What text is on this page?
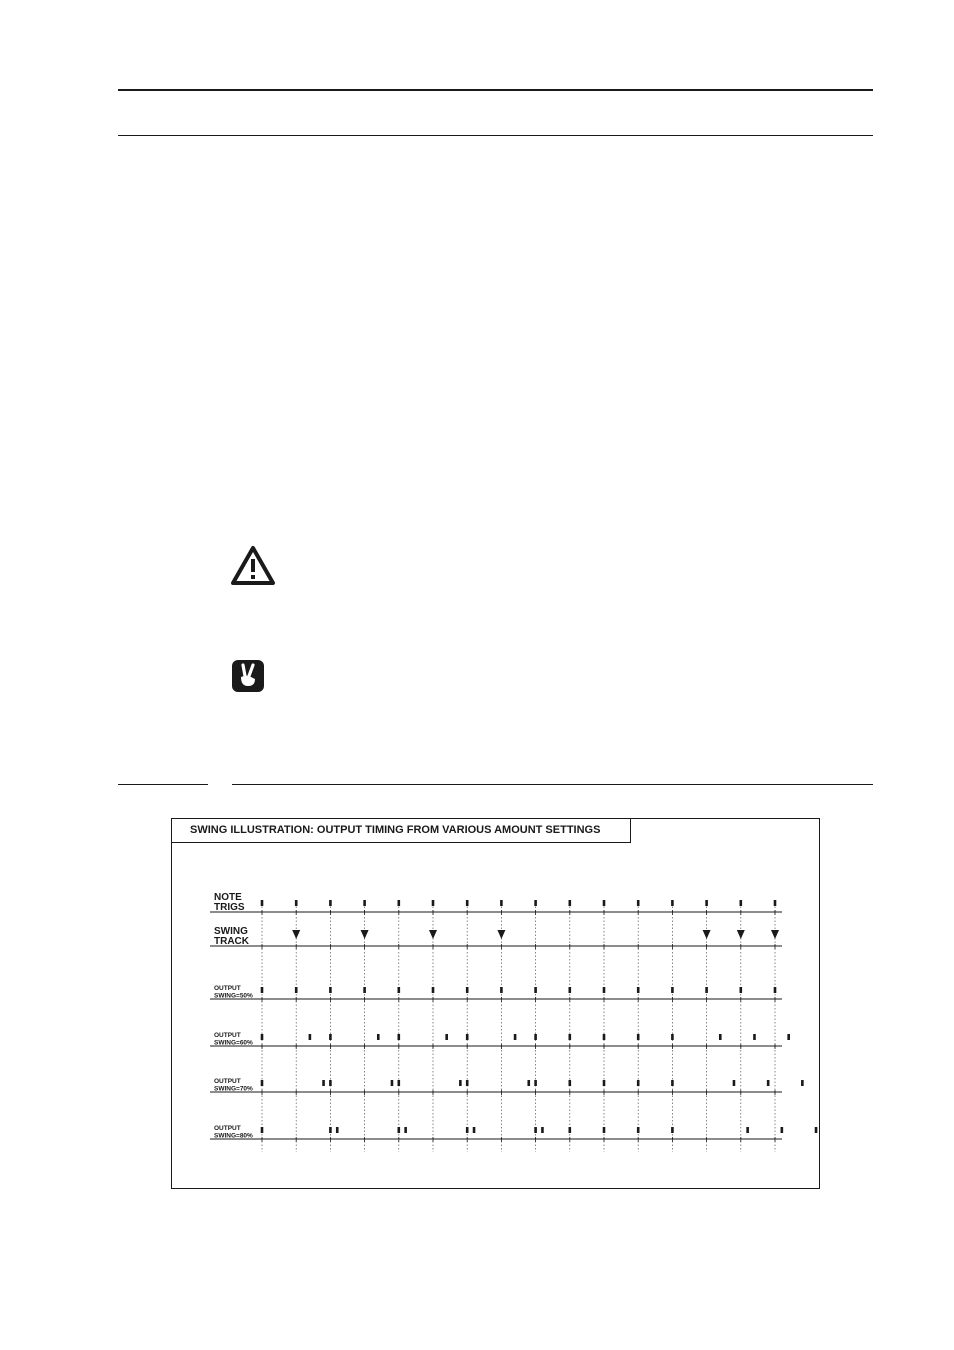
SWING ILLUSTRATION: OUTPUT TIMING FROM VARIOUS AMOUNT SETTINGS
NOTE
TRIGS
SWING
TRACK
OUTPUT
SWING=50%
OUTPUT
SWING=60%
OUTPUT
SWING=70%
OUTPUT
SWING=80%
